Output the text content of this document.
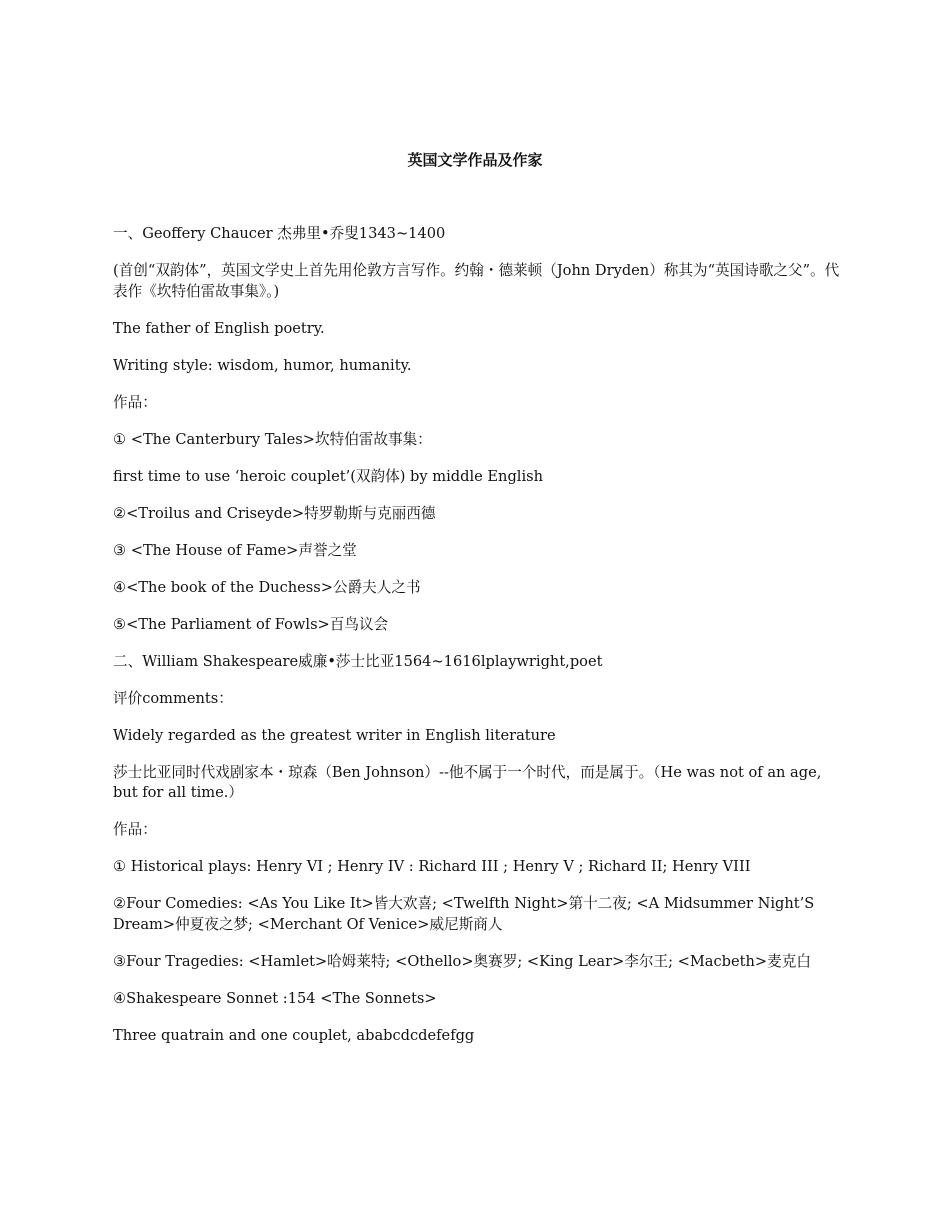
英国文学作品及作家

一、Geoffery Chaucer 杰弗里•乔叟1343~1400

(首创“双韵体”，英国文学史上首先用伦敦方言写作。约翰・德莱顿（John Dryden）称其为“英国诗歌之父”。代表作《坎特伯雷故事集》。)

The father of English poetry.

Writing style: wisdom, humor, humanity.

作品：

① <The Canterbury Tales>坎特伯雷故事集：

first time to use ‘heroic couplet’(双韵体) by middle English

②<Troilus and Criseyde>特罗勒斯与克丽西德

③ <The House of Fame>声誉之堂

④<The book of the Duchess>公爵夫人之书

⑤<The Parliament of Fowls>百鸟议会

二、William Shakespeare威廉•莎士比亚1564~1616lplaywright,poet

评价comments：

Widely regarded as the greatest writer in English literature

莎士比亚同时代戏剧家本・琼森（Ben Johnson）--他不属于一个时代，而是属于。（He was not of an age, but for all time.）

作品：

① Historical plays: Henry VI ; Henry IV : Richard III ; Henry V ; Richard II; Henry VIII

②Four Comedies: <As You Like It>皆大欢喜; <Twelfth Night>第十二夜; <A Midsummer Night’S Dream>仲夏夜之梦; <Merchant Of Venice>威尼斯商人

③Four Tragedies: <Hamlet>哈姆莱特; <Othello>奥赛罗; <King Lear>李尔王; <Macbeth>麦克白

④Shakespeare Sonnet :154 <The Sonnets>

Three quatrain and one couplet, ababcdcdefefgg
